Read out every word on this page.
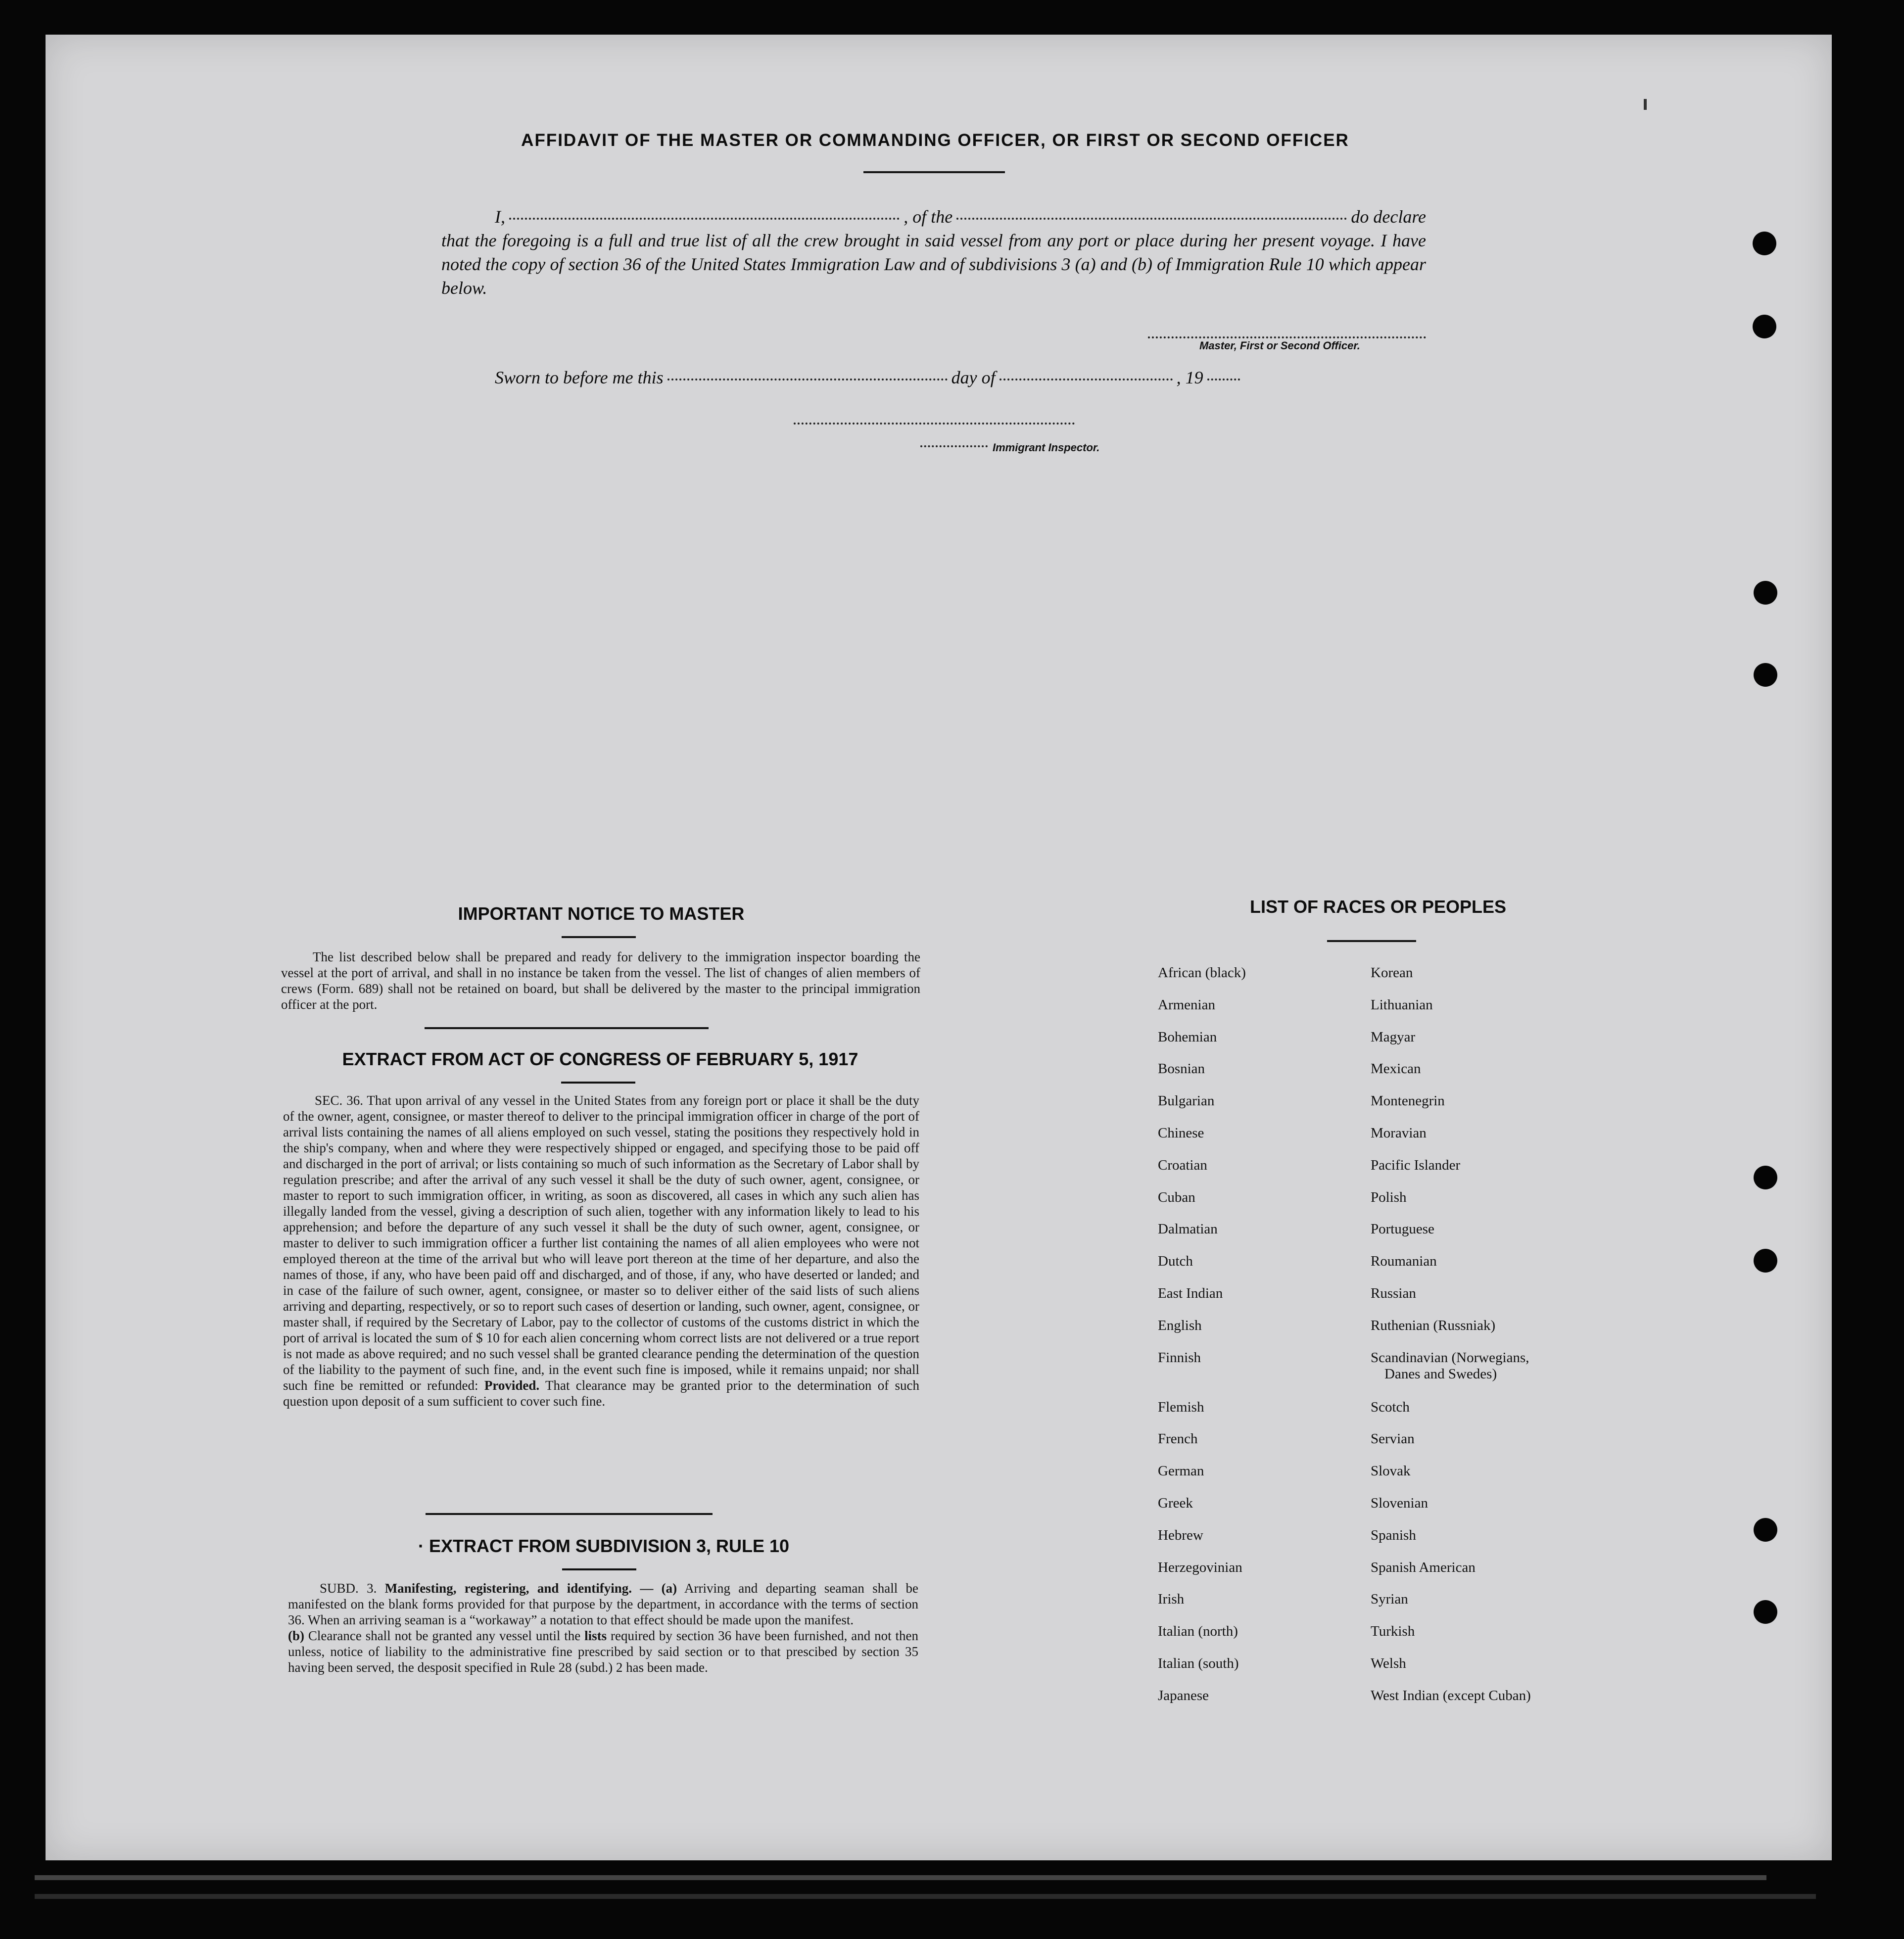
AFFIDAVIT OF THE MASTER OR COMMANDING OFFICER, OR FIRST OR SECOND OFFICER
I,	, of the	do declare
that the foregoing is a full and true list of all the crew brought in said vessel from any port or place during her present voyage. I have noted the copy of section 36 of the United States Immigration Law and of subdivisions 3 (a) and (b) of Immigration Rule 10 which appear below.
Master, First or Second Officer.
Sworn to before me this	day of	, 19
Immigrant Inspector.
IMPORTANT NOTICE TO MASTER

The list described below shall be prepared and ready for delivery to the immigration inspector boarding the vessel at the port of arrival, and shall in no instance be taken from the vessel. The list of changes of alien members of crews (Form. 689) shall not be retained on board, but shall be delivered by the master to the principal immigration officer at the port.

EXTRACT FROM ACT OF CONGRESS OF FEBRUARY 5, 1917

SEC. 36. That upon arrival of any vessel in the United States from any foreign port or place it shall be the duty of the owner, agent, consignee, or master thereof to deliver to the principal immigration officer in charge of the port of arrival lists containing the names of all aliens employed on such vessel, stating the positions they respectively hold in the ship's company, when and where they were respectively shipped or engaged, and specifying those to be paid off and discharged in the port of arrival; or lists containing so much of such information as the Secretary of Labor shall by regulation prescribe; and after the arrival of any such vessel it shall be the duty of such owner, agent, consignee, or master to report to such immigration officer, in writing, as soon as discovered, all cases in which any such alien has illegally landed from the vessel, giving a description of such alien, together with any information likely to lead to his apprehension; and before the departure of any such vessel it shall be the duty of such owner, agent, consignee, or master to deliver to such immigration officer a further list containing the names of all alien employees who were not employed thereon at the time of the arrival but who will leave port thereon at the time of her departure, and also the names of those, if any, who have been paid off and discharged, and of those, if any, who have deserted or landed; and in case of the failure of such owner, agent, consignee, or master so to deliver either of the said lists of such aliens arriving and departing, respectively, or so to report such cases of desertion or landing, such owner, agent, consignee, or master shall, if required by the Secretary of Labor, pay to the collector of customs of the customs district in which the port of arrival is located the sum of $ 10 for each alien concerning whom correct lists are not delivered or a true report is not made as above required; and no such vessel shall be granted clearance pending the determination of the question of the liability to the payment of such fine, and, in the event such fine is imposed, while it remains unpaid; nor shall such fine be remitted or refunded: Provided. That clearance may be granted prior to the determination of such question upon deposit of a sum sufficient to cover such fine.

· EXTRACT FROM SUBDIVISION 3, RULE 10

SUBD. 3. Manifesting, registering, and identifying. — (a) Arriving and departing seaman shall be manifested on the blank forms provided for that purpose by the department, in accordance with the terms of section 36. When an arriving seaman is a “workaway” a notation to that effect should be made upon the manifest.

(b) Clearance shall not be granted any vessel until the lists required by section 36 have been furnished, and not then unless, notice of liability to the administrative fine prescribed by said section or to that prescibed by section 35 having been served, the desposit specified in Rule 28 (subd.) 2 has been made.

LIST OF RACES OR PEOPLES
African (black)	Korean
Armenian	Lithuanian
Bohemian	Magyar
Bosnian	Mexican
Bulgarian	Montenegrin
Chinese	Moravian
Croatian	Pacific Islander
Cuban	Polish
Dalmatian	Portuguese
Dutch	Roumanian
East Indian	Russian
English	Ruthenian (Russniak)
Finnish	Scandinavian (Norwegians,
Danes and Swedes)
Flemish	Scotch
French	Servian
German	Slovak
Greek	Slovenian
Hebrew	Spanish
Herzegovinian	Spanish American
Irish	Syrian
Italian (north)	Turkish
Italian (south)	Welsh
Japanese	West Indian (except Cuban)
